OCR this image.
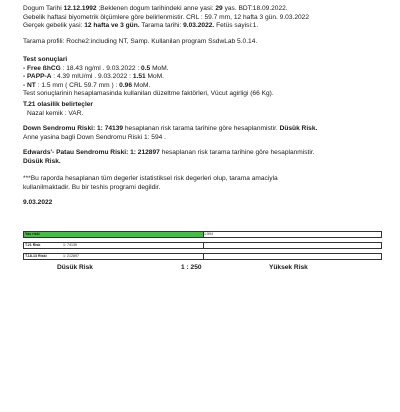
Dogum Tarihi 12.12.1992 ;Beklenen dogum tarihindeki anne yasi: 29 yas. BDT:18.09.2022.

Gebelik haftasi biyometrik ölçümlere göre belirlenmistir. CRL : 59.7 mm, 12 hafta 3 gün. 9.03.2022

Gerçek gebelik yasi: 12 hafta ve 3 gün. Tarama tarihi: 9.03.2022. Fetüs sayisi:1.

Tarama profili: Roche2:including NT, Samp. Kullanilan program SsdwLab 5.0.14.

Test sonuçlari

- Free ßhCG : 18.43 ng/ml . 9.03.2022 : 0.5 MoM.

- PAPP-A : 4.39 mIU/ml . 9.03.2022 : 1.51 MoM.

- NT : 1.5 mm ( CRL 59.7 mm ) : 0.96 MoM.

Test sonuçlarinin hesaplamasinda kullanilan düzeltme faktörleri, Vücut agirligi (66 Kg).

T.21 olasilik belirteçler

Nazal kemik : VAR.

Down Sendromu Riski: 1: 74139 hesaplanan risk tarama tarihine göre hesaplanmistir. Düsük Risk.

Anne yasina bagli Down Sendromu Riski 1: 594 .

Edwards'- Patau Sendromu Riski: 1: 212897 hesaplanan risk tarama tarihine göre hesaplanmistir.

Düsük Risk.

***Bu raporda hesaplanan tüm degerler istatistiksel risk degerleri olup, tarama amaciyla

kullanilmaktadir. Bu bir teshis programi degildir.

9.03.2022

Yas riski	1:594
T.21 Risk	1: 74139
T.18-13 Riski	1: 212897
Düsük Risk	1 : 250	Yüksek Risk
